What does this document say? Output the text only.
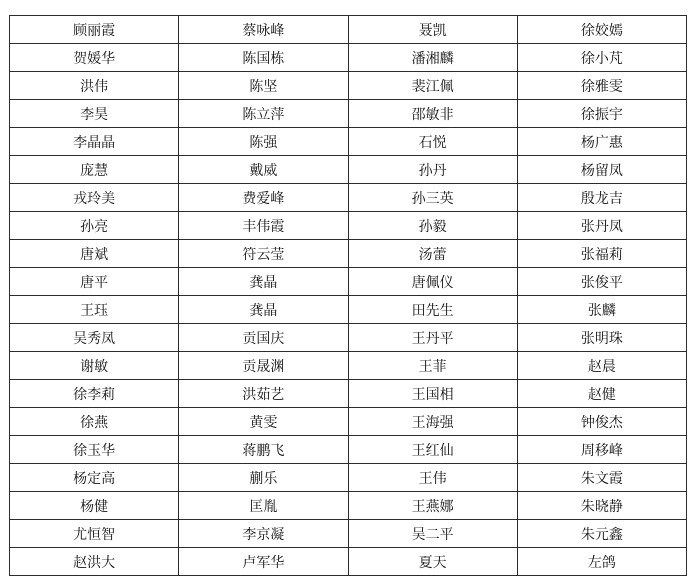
顾丽霞	蔡咏峰	聂凯	徐姣嫣
贺媛华	陈国栋	潘湘麟	徐小芃
洪伟	陈坚	裴江佩	徐雅雯
李昊	陈立萍	邵敏非	徐振宇
李晶晶	陈强	石悦	杨广惠
庞慧	戴威	孙丹	杨留凤
戎玲美	费爱峰	孙三英	殷龙吉
孙亮	丰伟霞	孙毅	张丹凤
唐斌	符云莹	汤蕾	张福莉
唐平	龚晶	唐佩仪	张俊平
王珏	龚晶	田先生	张麟
吴秀凤	贡国庆	王丹平	张明珠
谢敏	贡晟渊	王菲	赵晨
徐李莉	洪茹艺	王国相	赵健
徐燕	黄雯	王海强	钟俊杰
徐玉华	蒋鹏飞	王红仙	周移峰
杨定高	蒯乐	王伟	朱文霞
杨健	匡胤	王燕娜	朱晓静
尤恒智	李京凝	吴二平	朱元鑫
赵洪大	卢军华	夏天	左鸽
